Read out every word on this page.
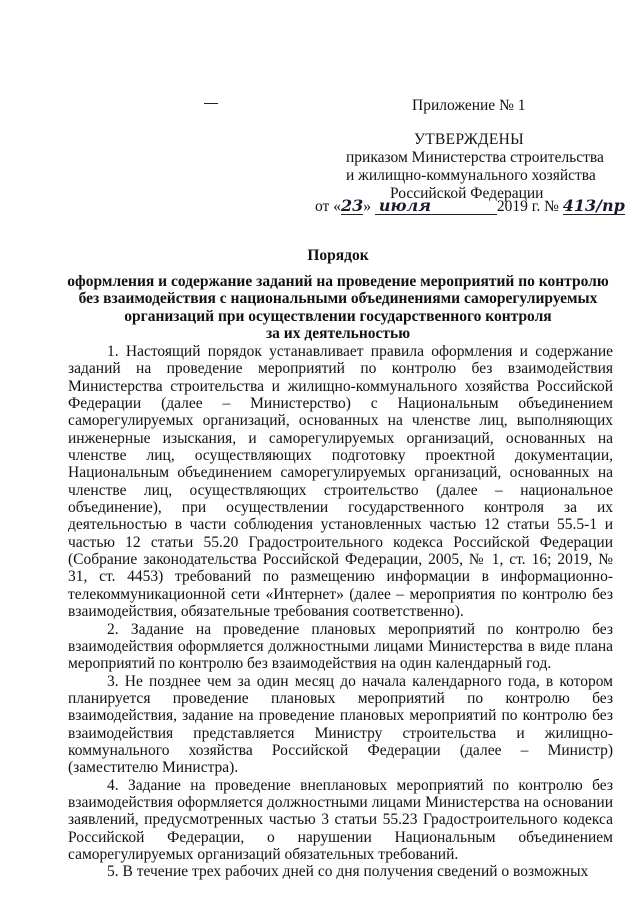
Приложение № 1
УТВЕРЖДЕНЫ
приказом Министерства строительства
и жилищно-коммунального хозяйства
Российской Федерации
от «23» июля	2019 г. № 413/пр
Порядок
оформления и содержание заданий на проведение мероприятий по контролю
без взаимодействия с национальными объединениями саморегулируемых
организаций при осуществлении государственного контроля
за их деятельностью

1. Настоящий порядок устанавливает правила оформления и содержание заданий на проведение мероприятий по контролю без взаимодействия Министерства строительства и жилищно-коммунального хозяйства Российской Федерации (далее – Министерство) с Национальным объединением саморегулируемых организаций, основанных на членстве лиц, выполняющих инженерные изыскания, и саморегулируемых организаций, основанных на членстве лиц, осуществляющих подготовку проектной документации, Национальным объединением саморегулируемых организаций, основанных на членстве лиц, осуществляющих строительство (далее – национальное объединение), при осуществлении государственного контроля за их деятельностью в части соблюдения установленных частью 12 статьи 55.5-1 и частью 12 статьи 55.20 Градостроительного кодекса Российской Федерации (Собрание законодательства Российской Федерации, 2005, № 1, ст. 16; 2019, № 31, ст. 4453) требований по размещению информации в информационно-телекоммуникационной сети «Интернет» (далее – мероприятия по контролю без взаимодействия, обязательные требования соответственно).

2. Задание на проведение плановых мероприятий по контролю без взаимодействия оформляется должностными лицами Министерства в виде плана мероприятий по контролю без взаимодействия на один календарный год.

3. Не позднее чем за один месяц до начала календарного года, в котором планируется проведение плановых мероприятий по контролю без взаимодействия, задание на проведение плановых мероприятий по контролю без взаимодействия представляется Министру строительства и жилищно-коммунального хозяйства Российской Федерации (далее – Министр) (заместителю Министра).

4. Задание на проведение внеплановых мероприятий по контролю без взаимодействия оформляется должностными лицами Министерства на основании заявлений, предусмотренных частью 3 статьи 55.23 Градостроительного кодекса Российской Федерации, о нарушении Национальным объединением саморегулируемых организаций обязательных требований.

5. В течение трех рабочих дней со дня получения сведений о возможных
